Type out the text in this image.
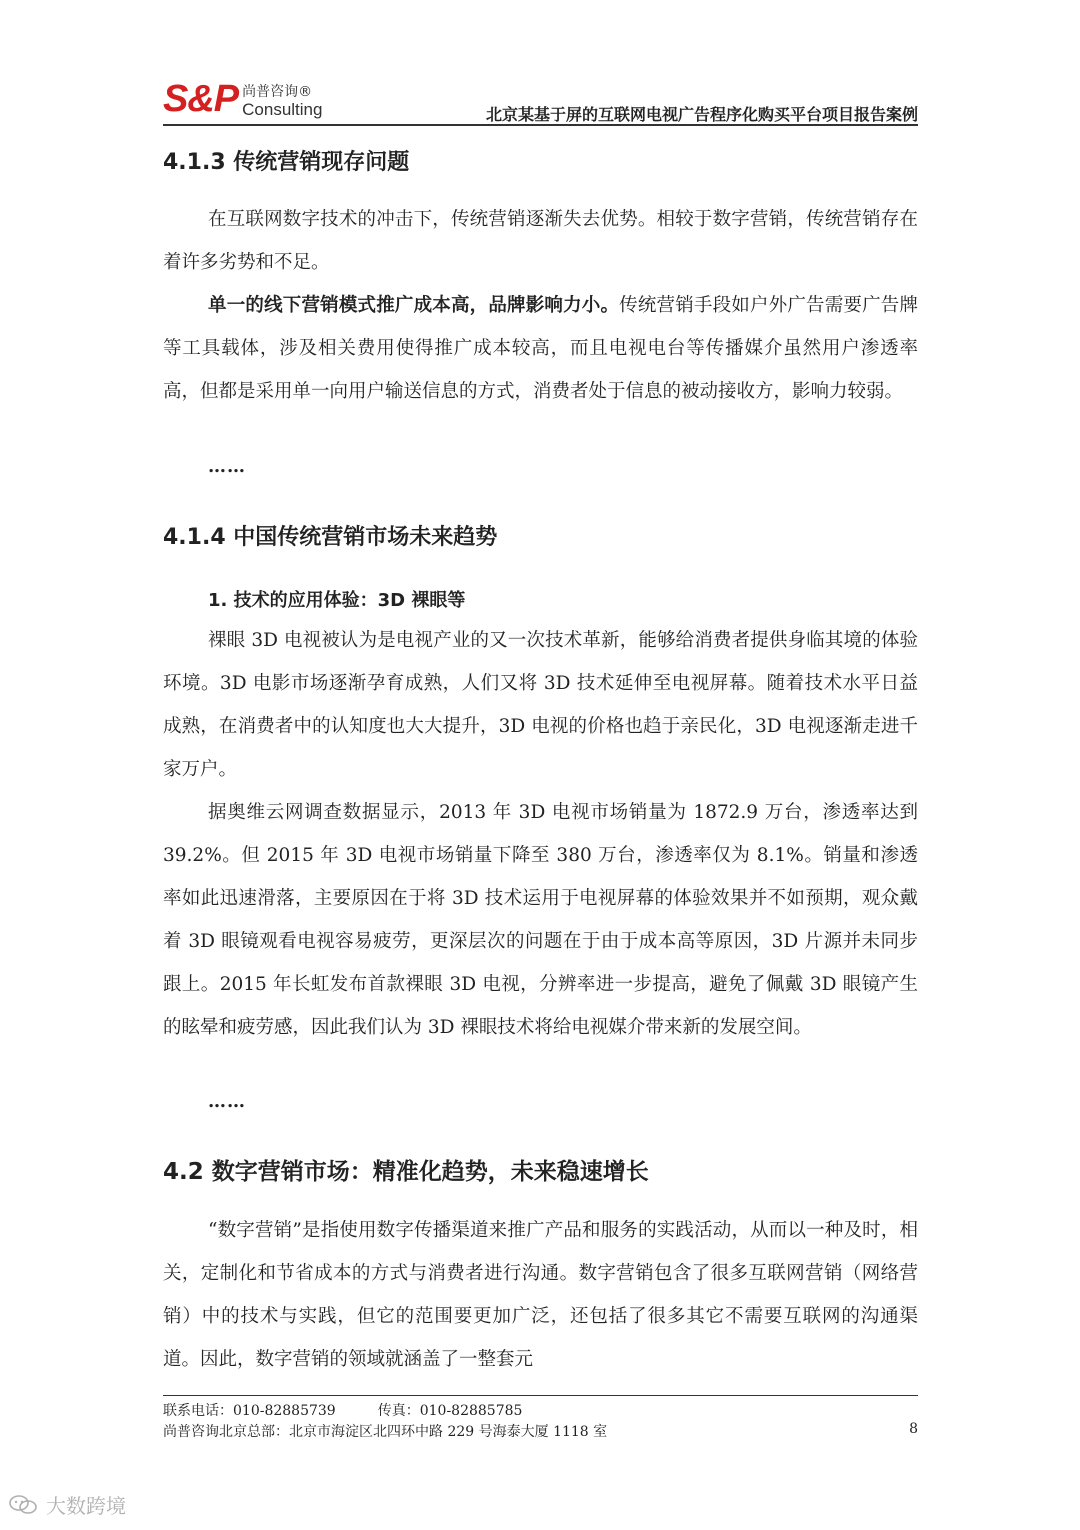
S&P 尚普咨询®
Consulting	北京某基于屏的互联网电视广告程序化购买平台项目报告案例
4.1.3 传统营销现存问题

在互联网数字技术的冲击下，传统营销逐渐失去优势。相较于数字营销，传统营销存在着许多劣势和不足。

单一的线下营销模式推广成本高，品牌影响力小。传统营销手段如户外广告需要广告牌等工具载体，涉及相关费用使得推广成本较高，而且电视电台等传播媒介虽然用户渗透率高，但都是采用单一向用户输送信息的方式，消费者处于信息的被动接收方，影响力较弱。

……
4.1.4 中国传统营销市场未来趋势
1. 技术的应用体验：3D 裸眼等

裸眼 3D 电视被认为是电视产业的又一次技术革新，能够给消费者提供身临其境的体验环境。3D 电影市场逐渐孕育成熟，人们又将 3D 技术延伸至电视屏幕。随着技术水平日益成熟，在消费者中的认知度也大大提升，3D 电视的价格也趋于亲民化，3D 电视逐渐走进千家万户。

据奥维云网调查数据显示，2013 年 3D 电视市场销量为 1872.9 万台，渗透率达到 39.2%。但 2015 年 3D 电视市场销量下降至 380 万台，渗透率仅为 8.1%。销量和渗透率如此迅速滑落，主要原因在于将 3D 技术运用于电视屏幕的体验效果并不如预期，观众戴着 3D 眼镜观看电视容易疲劳，更深层次的问题在于由于成本高等原因，3D 片源并未同步跟上。2015 年长虹发布首款裸眼 3D 电视，分辨率进一步提高，避免了佩戴 3D 眼镜产生的眩晕和疲劳感，因此我们认为 3D 裸眼技术将给电视媒介带来新的发展空间。

……
4.2 数字营销市场：精准化趋势，未来稳速增长

“数字营销”是指使用数字传播渠道来推广产品和服务的实践活动，从而以一种及时，相关，定制化和节省成本的方式与消费者进行沟通。数字营销包含了很多互联网营销（网络营销）中的技术与实践，但它的范围要更加广泛，还包括了很多其它不需要互联网的沟通渠道。因此，数字营销的领域就涵盖了一整套元

联系电话：010-82885739	传真：010-82885785
尚普咨询北京总部：北京市海淀区北四环中路 229 号海泰大厦 1118 室	8
大数跨境
